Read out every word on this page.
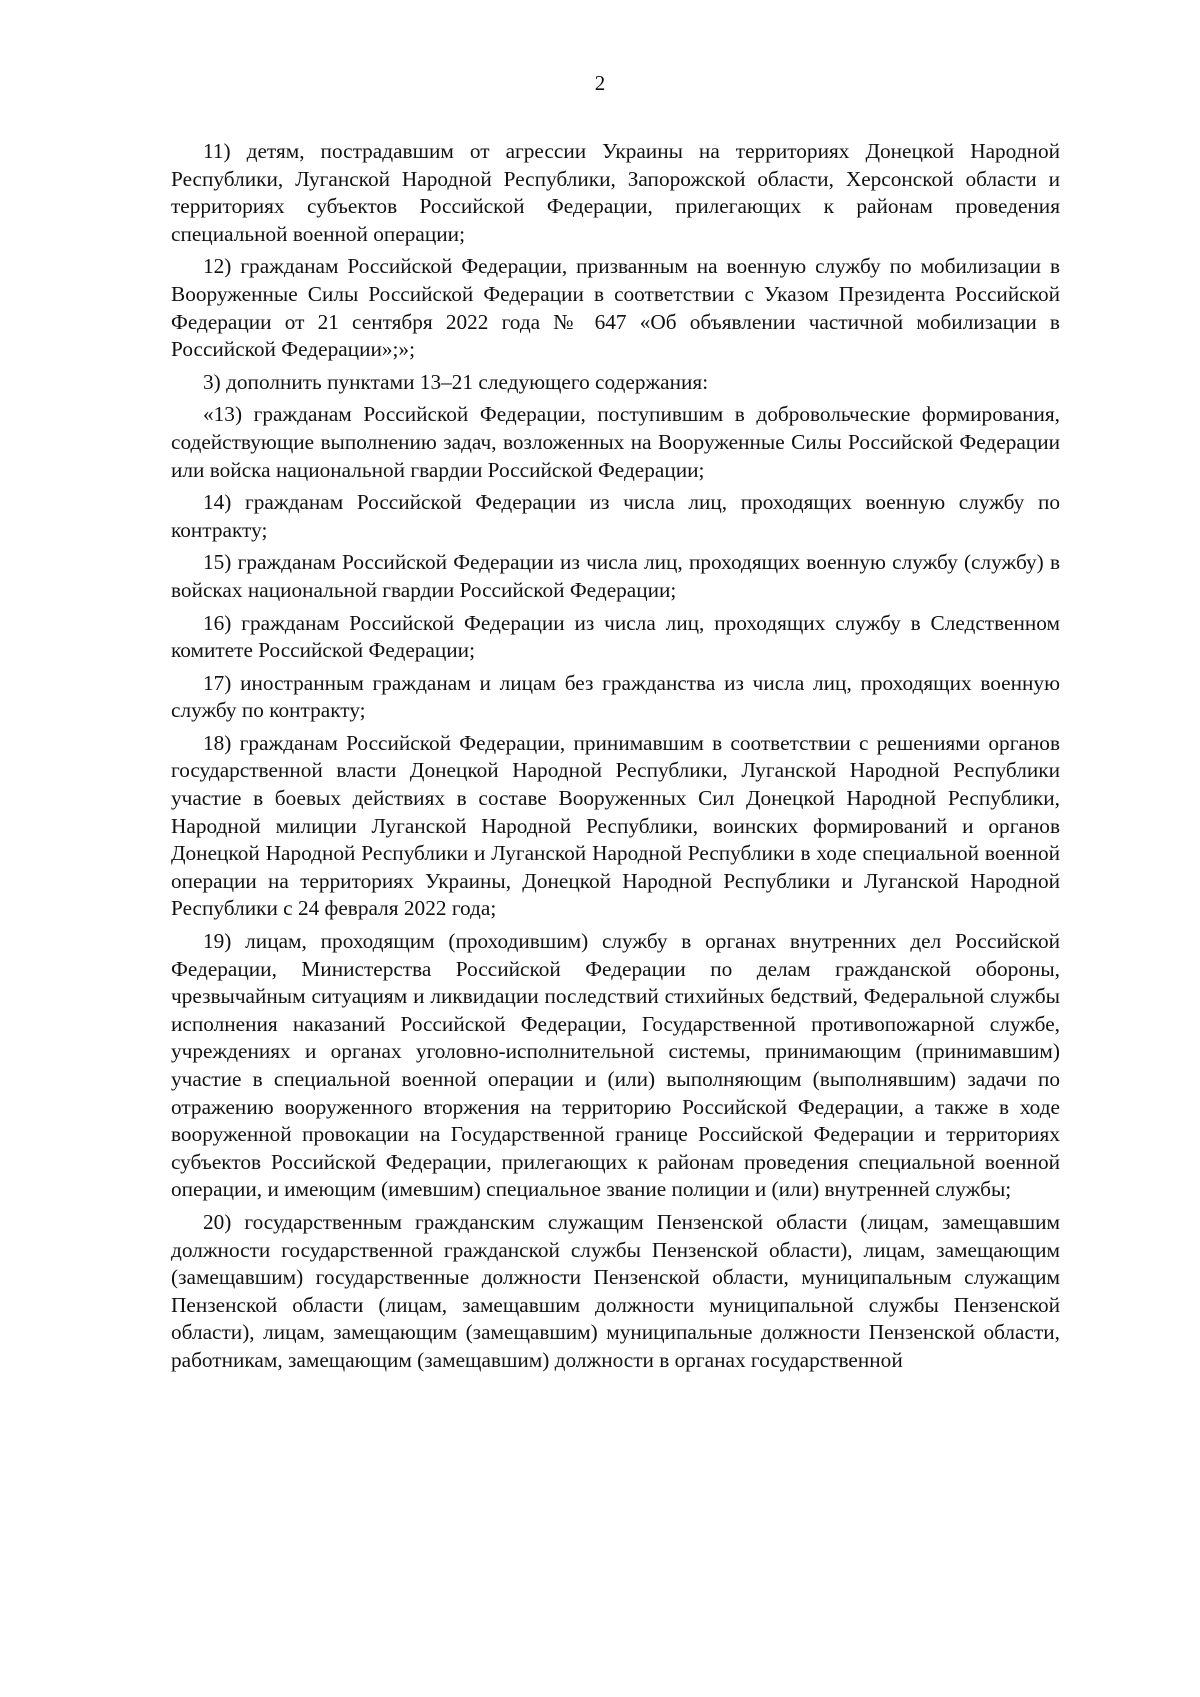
2

11) детям, пострадавшим от агрессии Украины на территориях Донецкой Народной Республики, Луганской Народной Республики, Запорожской области, Херсонской области и территориях субъектов Российской Федерации, прилегающих к районам проведения специальной военной операции;

12) гражданам Российской Федерации, призванным на военную службу по мобилизации в Вооруженные Силы Российской Федерации в соответствии с Указом Президента Российской Федерации от 21 сентября 2022 года № 647 «Об объявлении частичной мобилизации в Российской Федерации»;»;

3) дополнить пунктами 13–21 следующего содержания:

«13) гражданам Российской Федерации, поступившим в добровольческие формирования, содействующие выполнению задач, возложенных на Вооруженные Силы Российской Федерации или войска национальной гвардии Российской Федерации;

14) гражданам Российской Федерации из числа лиц, проходящих военную службу по контракту;

15) гражданам Российской Федерации из числа лиц, проходящих военную службу (службу) в войсках национальной гвардии Российской Федерации;

16) гражданам Российской Федерации из числа лиц, проходящих службу в Следственном комитете Российской Федерации;

17) иностранным гражданам и лицам без гражданства из числа лиц, проходящих военную службу по контракту;

18) гражданам Российской Федерации, принимавшим в соответствии с решениями органов государственной власти Донецкой Народной Республики, Луганской Народной Республики участие в боевых действиях в составе Вооруженных Сил Донецкой Народной Республики, Народной милиции Луганской Народной Республики, воинских формирований и органов Донецкой Народной Республики и Луганской Народной Республики в ходе специальной военной операции на территориях Украины, Донецкой Народной Республики и Луганской Народной Республики с 24 февраля 2022 года;

19) лицам, проходящим (проходившим) службу в органах внутренних дел Российской Федерации, Министерства Российской Федерации по делам гражданской обороны, чрезвычайным ситуациям и ликвидации последствий стихийных бедствий, Федеральной службы исполнения наказаний Российской Федерации, Государственной противопожарной службе, учреждениях и органах уголовно-исполнительной системы, принимающим (принимавшим) участие в специальной военной операции и (или) выполняющим (выполнявшим) задачи по отражению вооруженного вторжения на территорию Российской Федерации, а также в ходе вооруженной провокации на Государственной границе Российской Федерации и территориях субъектов Российской Федерации, прилегающих к районам проведения специальной военной операции, и имеющим (имевшим) специальное звание полиции и (или) внутренней службы;

20) государственным гражданским служащим Пензенской области (лицам, замещавшим должности государственной гражданской службы Пензенской области), лицам, замещающим (замещавшим) государственные должности Пензенской области, муниципальным служащим Пензенской области (лицам, замещавшим должности муниципальной службы Пензенской области), лицам, замещающим (замещавшим) муниципальные должности Пензенской области, работникам, замещающим (замещавшим) должности в органах государственной
